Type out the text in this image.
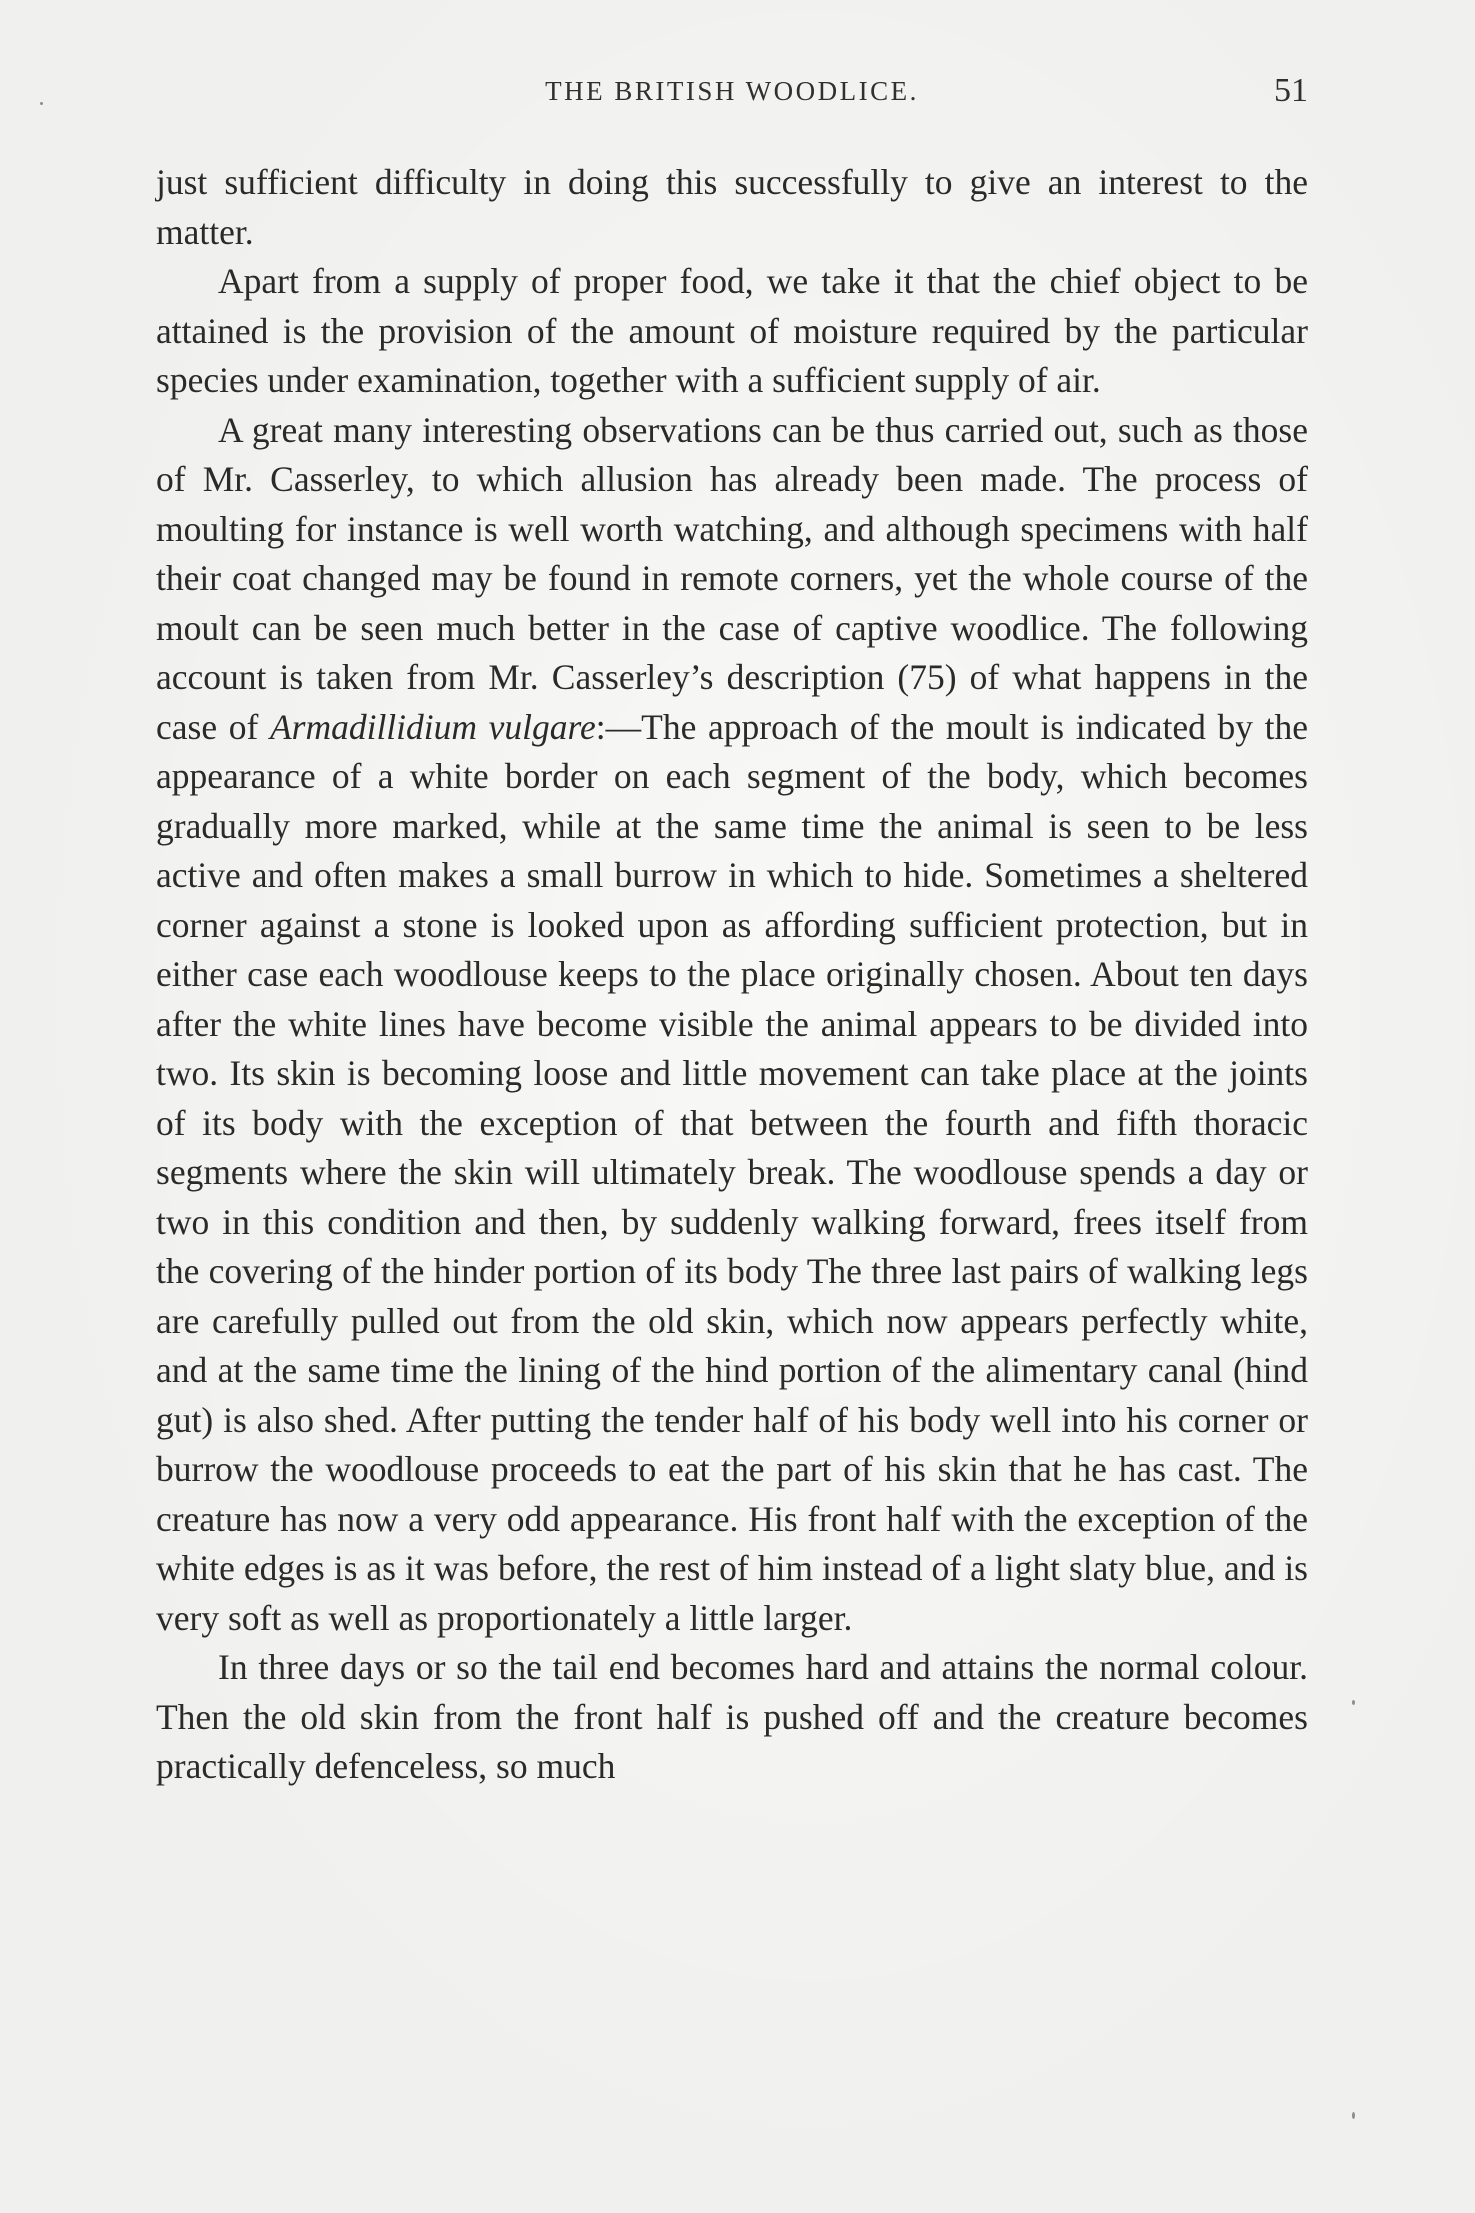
THE BRITISH WOODLICE.	51

just sufficient difficulty in doing this successfully to give an interest to the matter.

Apart from a supply of proper food, we take it that the chief object to be attained is the provision of the amount of moisture required by the particular species under examination, together with a sufficient supply of air.

A great many interesting observations can be thus carried out, such as those of Mr. Casserley, to which allusion has already been made. The process of moulting for instance is well worth watching, and although specimens with half their coat changed may be found in remote corners, yet the whole course of the moult can be seen much better in the case of captive woodlice. The following account is taken from Mr. Casserley’s description (75) of what happens in the case of Armadillidium vulgare:—The approach of the moult is indicated by the appearance of a white border on each segment of the body, which becomes gradually more marked, while at the same time the animal is seen to be less active and often makes a small burrow in which to hide. Sometimes a sheltered corner against a stone is looked upon as affording sufficient protection, but in either case each woodlouse keeps to the place originally chosen. About ten days after the white lines have become visible the animal appears to be divided into two. Its skin is becoming loose and little movement can take place at the joints of its body with the exception of that between the fourth and fifth thoracic segments where the skin will ultimately break. The woodlouse spends a day or two in this condition and then, by suddenly walking forward, frees itself from the covering of the hinder portion of its body The three last pairs of walking legs are carefully pulled out from the old skin, which now appears perfectly white, and at the same time the lining of the hind portion of the alimentary canal (hind gut) is also shed. After putting the tender half of his body well into his corner or burrow the woodlouse proceeds to eat the part of his skin that he has cast. The creature has now a very odd appearance. His front half with the exception of the white edges is as it was before, the rest of him instead of a light slaty blue, and is very soft as well as proportionately a little larger.

In three days or so the tail end becomes hard and attains the normal colour. Then the old skin from the front half is pushed off and the creature becomes practically defenceless, so much
